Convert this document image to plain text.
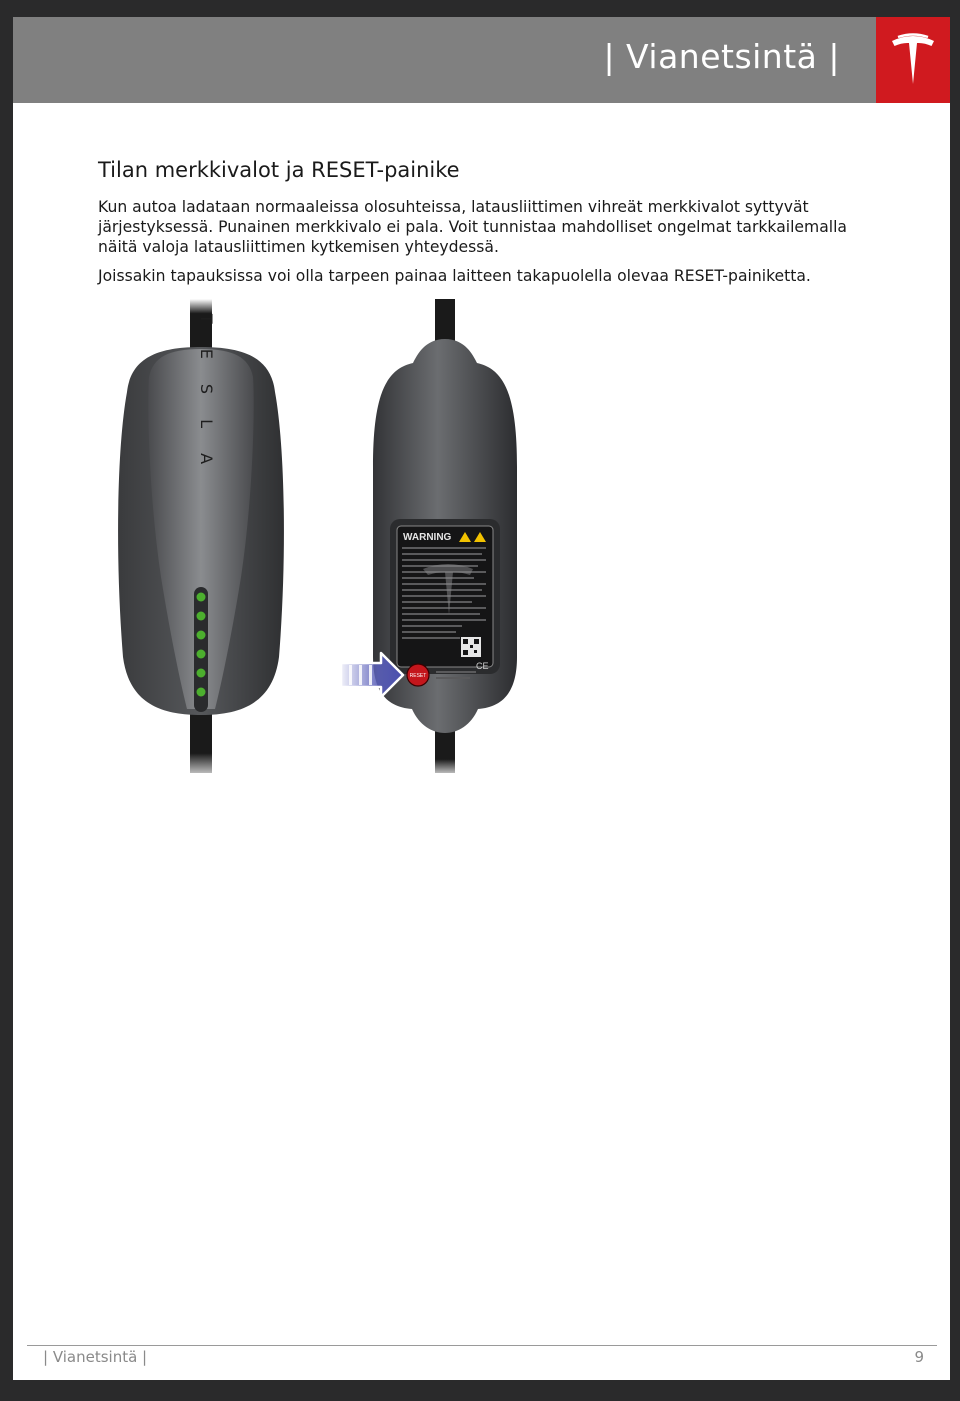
| Vianetsintä |
Tilan merkkivalot ja RESET-painike

Kun autoa ladataan normaaleissa olosuhteissa, latausliittimen vihreät merkkivalot syttyvät järjestyksessä. Punainen merkkivalo ei pala. Voit tunnistaa mahdolliset ongelmat tarkkailemalla näitä valoja latausliittimen kytkemisen yhteydessä.

Joissakin tapauksissa voi olla tarpeen painaa laitteen takapuolella olevaa RESET-painiketta.

T E S L A
WARNING
CE
RESET
| Vianetsintä |	9
